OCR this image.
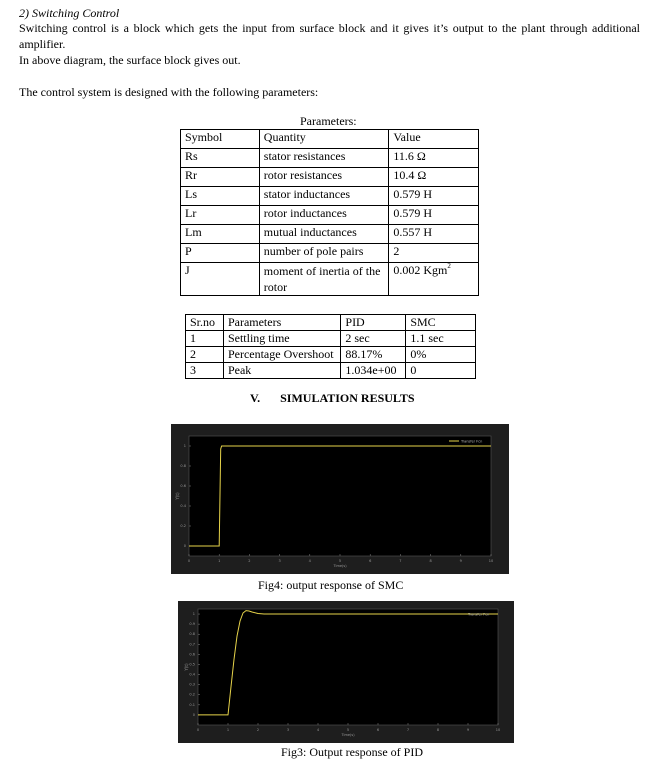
2) Switching Control
Switching control is a block which gets the input from surface block and it gives it’s output to the plant through additional
amplifier.
In above diagram, the surface block gives out.
The control system is designed with the following parameters:
Parameters:
Symbol	Quantity	Value
Rs	stator resistances	11.6 Ω
Rr	rotor resistances	10.4 Ω
Ls	stator inductances	0.579 H
Lr	rotor inductances	0.579 H
Lm	mutual inductances	0.557 H
P	number of pole pairs	2
J	moment of inertia of the rotor	0.002 Kgm$^2$
Sr.no	Parameters	PID	SMC
1	Settling time	2 sec	1.1 sec
2	Percentage Overshoot	88.17%	0%
3	Peak	1.034e+00	0
V. SIMULATION RESULTS
0	1	2	3	4	5	6	7	8	9	10
0
0.2
0.4
0.6
0.8
1
Time(s)
Y(t)
Transfer Fcn
Fig4: output response of SMC
0	1	2	3	4	5	6	7	8	9	10
0
0.1
0.2
0.3
0.4
0.5
0.6
0.7
0.8
0.9
1
Time(s)
Y(t)
Transfer Fcn
Fig3: Output response of PID
